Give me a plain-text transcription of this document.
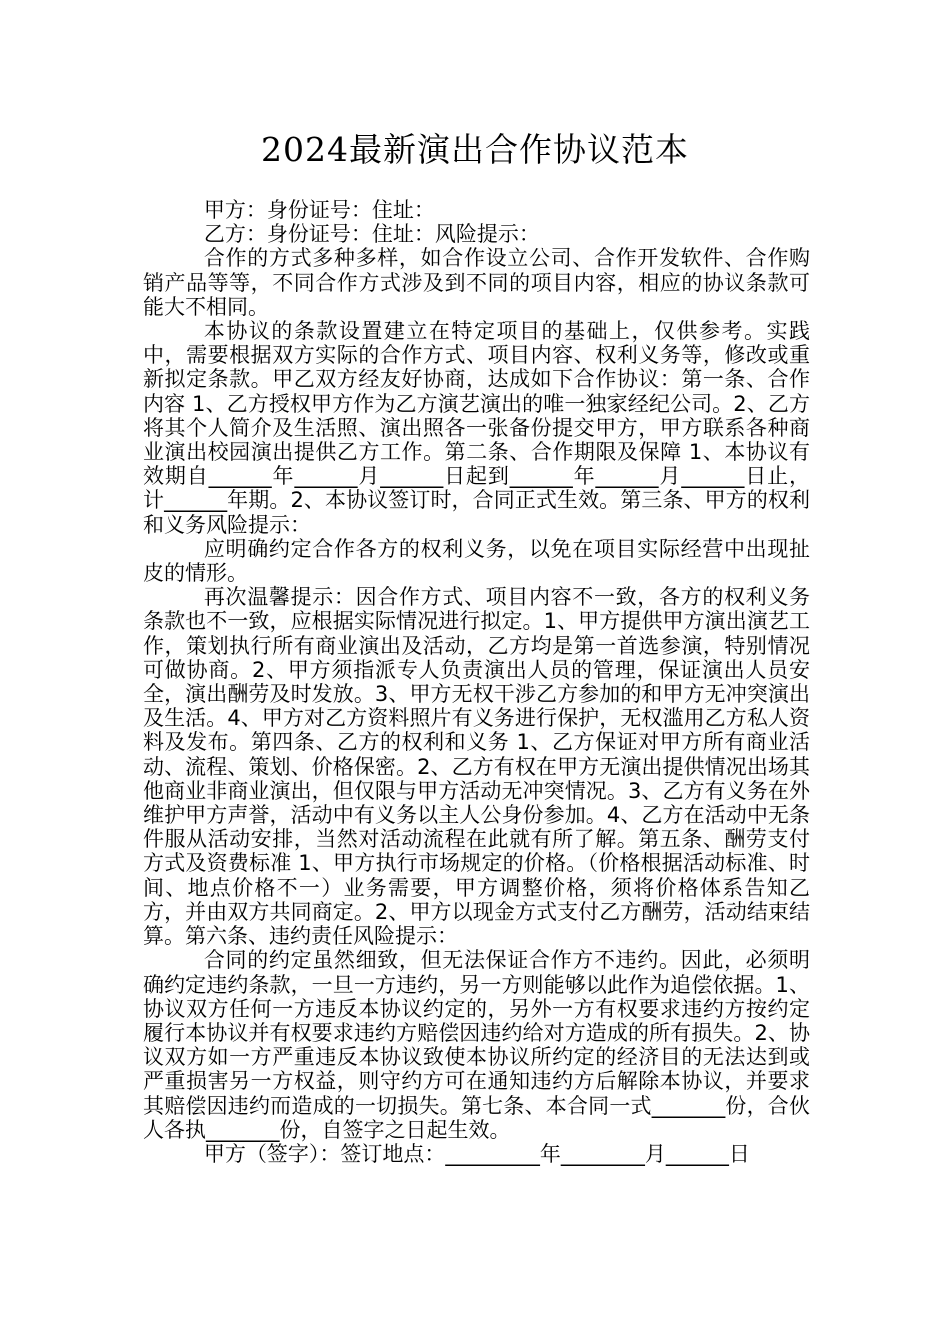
2024最新演出合作协议范本

甲方：身份证号：住址：

乙方：身份证号：住址：风险提示：

合作的方式多种多样，如合作设立公司、合作开发软件、合作购销产品等等，不同合作方式涉及到不同的项目内容，相应的协议条款可能大不相同。

本协议的条款设置建立在特定项目的基础上，仅供参考。实践中，需要根据双方实际的合作方式、项目内容、权利义务等，修改或重新拟定条款。甲乙双方经友好协商，达成如下合作协议：第一条、合作内容 1、乙方授权甲方作为乙方演艺演出的唯一独家经纪公司。2、乙方将其个人简介及生活照、演出照各一张备份提交甲方，甲方联系各种商业演出校园演出提供乙方工作。第二条、合作期限及保障 1、本协议有效期自______年______月______日起到______年______月______日止，计______年期。2、本协议签订时，合同正式生效。第三条、甲方的权利和义务风险提示：

应明确约定合作各方的权利义务，以免在项目实际经营中出现扯皮的情形。

再次温馨提示：因合作方式、项目内容不一致，各方的权利义务条款也不一致，应根据实际情况进行拟定。1、甲方提供甲方演出演艺工作，策划执行所有商业演出及活动，乙方均是第一首选参演，特别情况可做协商。2、甲方须指派专人负责演出人员的管理，保证演出人员安全，演出酬劳及时发放。3、甲方无权干涉乙方参加的和甲方无冲突演出及生活。4、甲方对乙方资料照片有义务进行保护，无权滥用乙方私人资料及发布。第四条、乙方的权利和义务 1、乙方保证对甲方所有商业活动、流程、策划、价格保密。2、乙方有权在甲方无演出提供情况出场其他商业非商业演出，但仅限与甲方活动无冲突情况。3、乙方有义务在外维护甲方声誉，活动中有义务以主人公身份参加。4、乙方在活动中无条件服从活动安排，当然对活动流程在此就有所了解。第五条、酬劳支付方式及资费标准 1、甲方执行市场规定的价格。（价格根据活动标准、时间、地点价格不一）业务需要，甲方调整价格，须将价格体系告知乙方，并由双方共同商定。2、甲方以现金方式支付乙方酬劳，活动结束结算。第六条、违约责任风险提示：

合同的约定虽然细致，但无法保证合作方不违约。因此，必须明确约定违约条款，一旦一方违约，另一方则能够以此作为追偿依据。1、协议双方任何一方违反本协议约定的，另外一方有权要求违约方按约定履行本协议并有权要求违约方赔偿因违约给对方造成的所有损失。2、协议双方如一方严重违反本协议致使本协议所约定的经济目的无法达到或严重损害另一方权益，则守约方可在通知违约方后解除本协议，并要求其赔偿因违约而造成的一切损失。第七条、本合同一式_______份，合伙人各执_______份，自签字之日起生效。

甲方（签字）：签订地点：_________年________月______日
